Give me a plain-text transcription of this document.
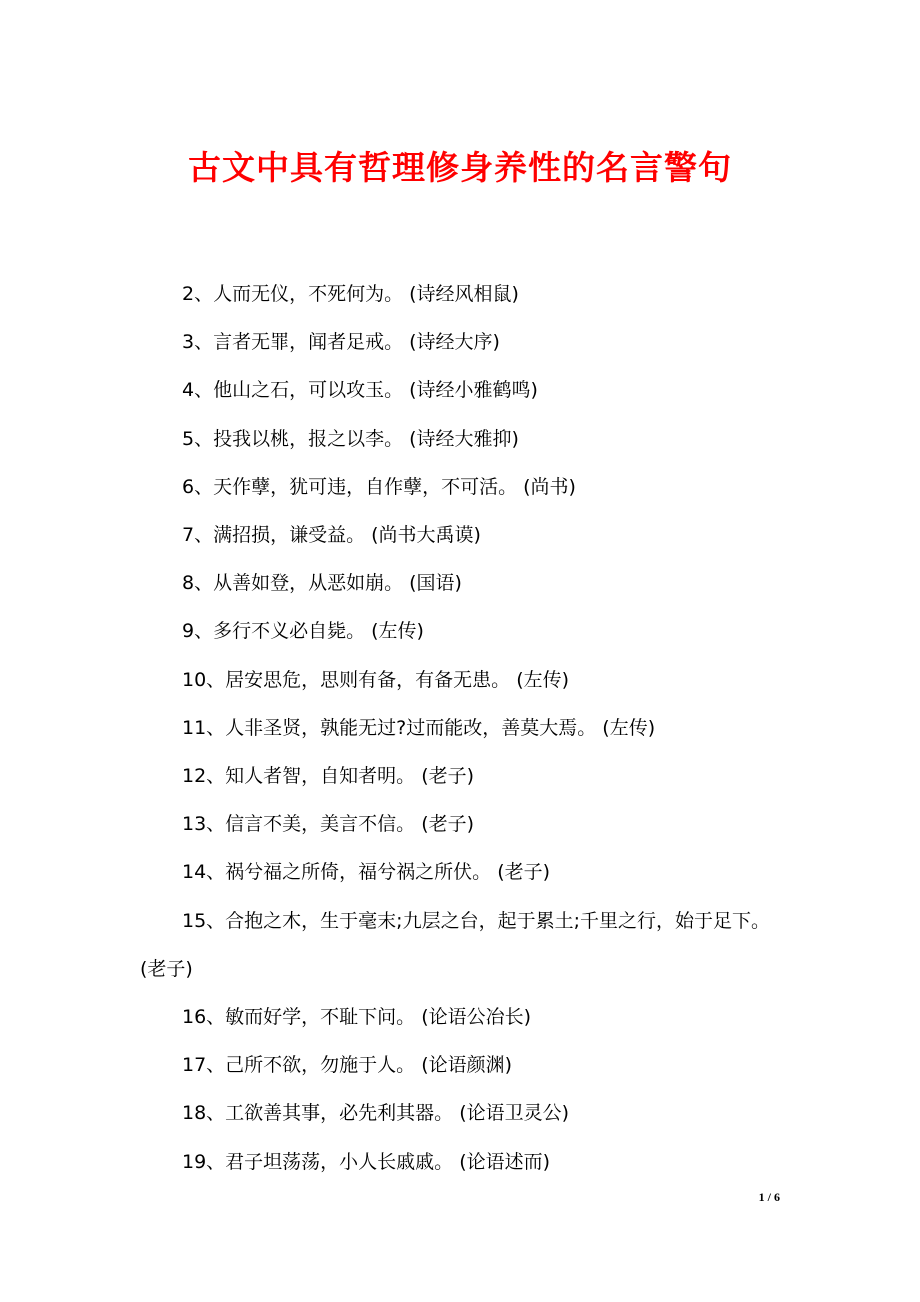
古文中具有哲理修身养性的名言警句

2、人而无仪，不死何为。 (诗经风相鼠)

3、言者无罪，闻者足戒。 (诗经大序)

4、他山之石，可以攻玉。 (诗经小雅鹤鸣)

5、投我以桃，报之以李。 (诗经大雅抑)

6、天作孽，犹可违，自作孽，不可活。 (尚书)

7、满招损，谦受益。 (尚书大禹谟)

8、从善如登，从恶如崩。 (国语)

9、多行不义必自毙。 (左传)

10、居安思危，思则有备，有备无患。 (左传)

11、人非圣贤，孰能无过?过而能改，善莫大焉。 (左传)

12、知人者智，自知者明。 (老子)

13、信言不美，美言不信。 (老子)

14、祸兮福之所倚，福兮祸之所伏。 (老子)

15、合抱之木，生于毫末;九层之台，起于累土;千里之行，始于足下。(老子)

16、敏而好学，不耻下问。 (论语公冶长)

17、己所不欲，勿施于人。 (论语颜渊)

18、工欲善其事，必先利其器。 (论语卫灵公)

19、君子坦荡荡，小人长戚戚。 (论语述而)

1 / 6
